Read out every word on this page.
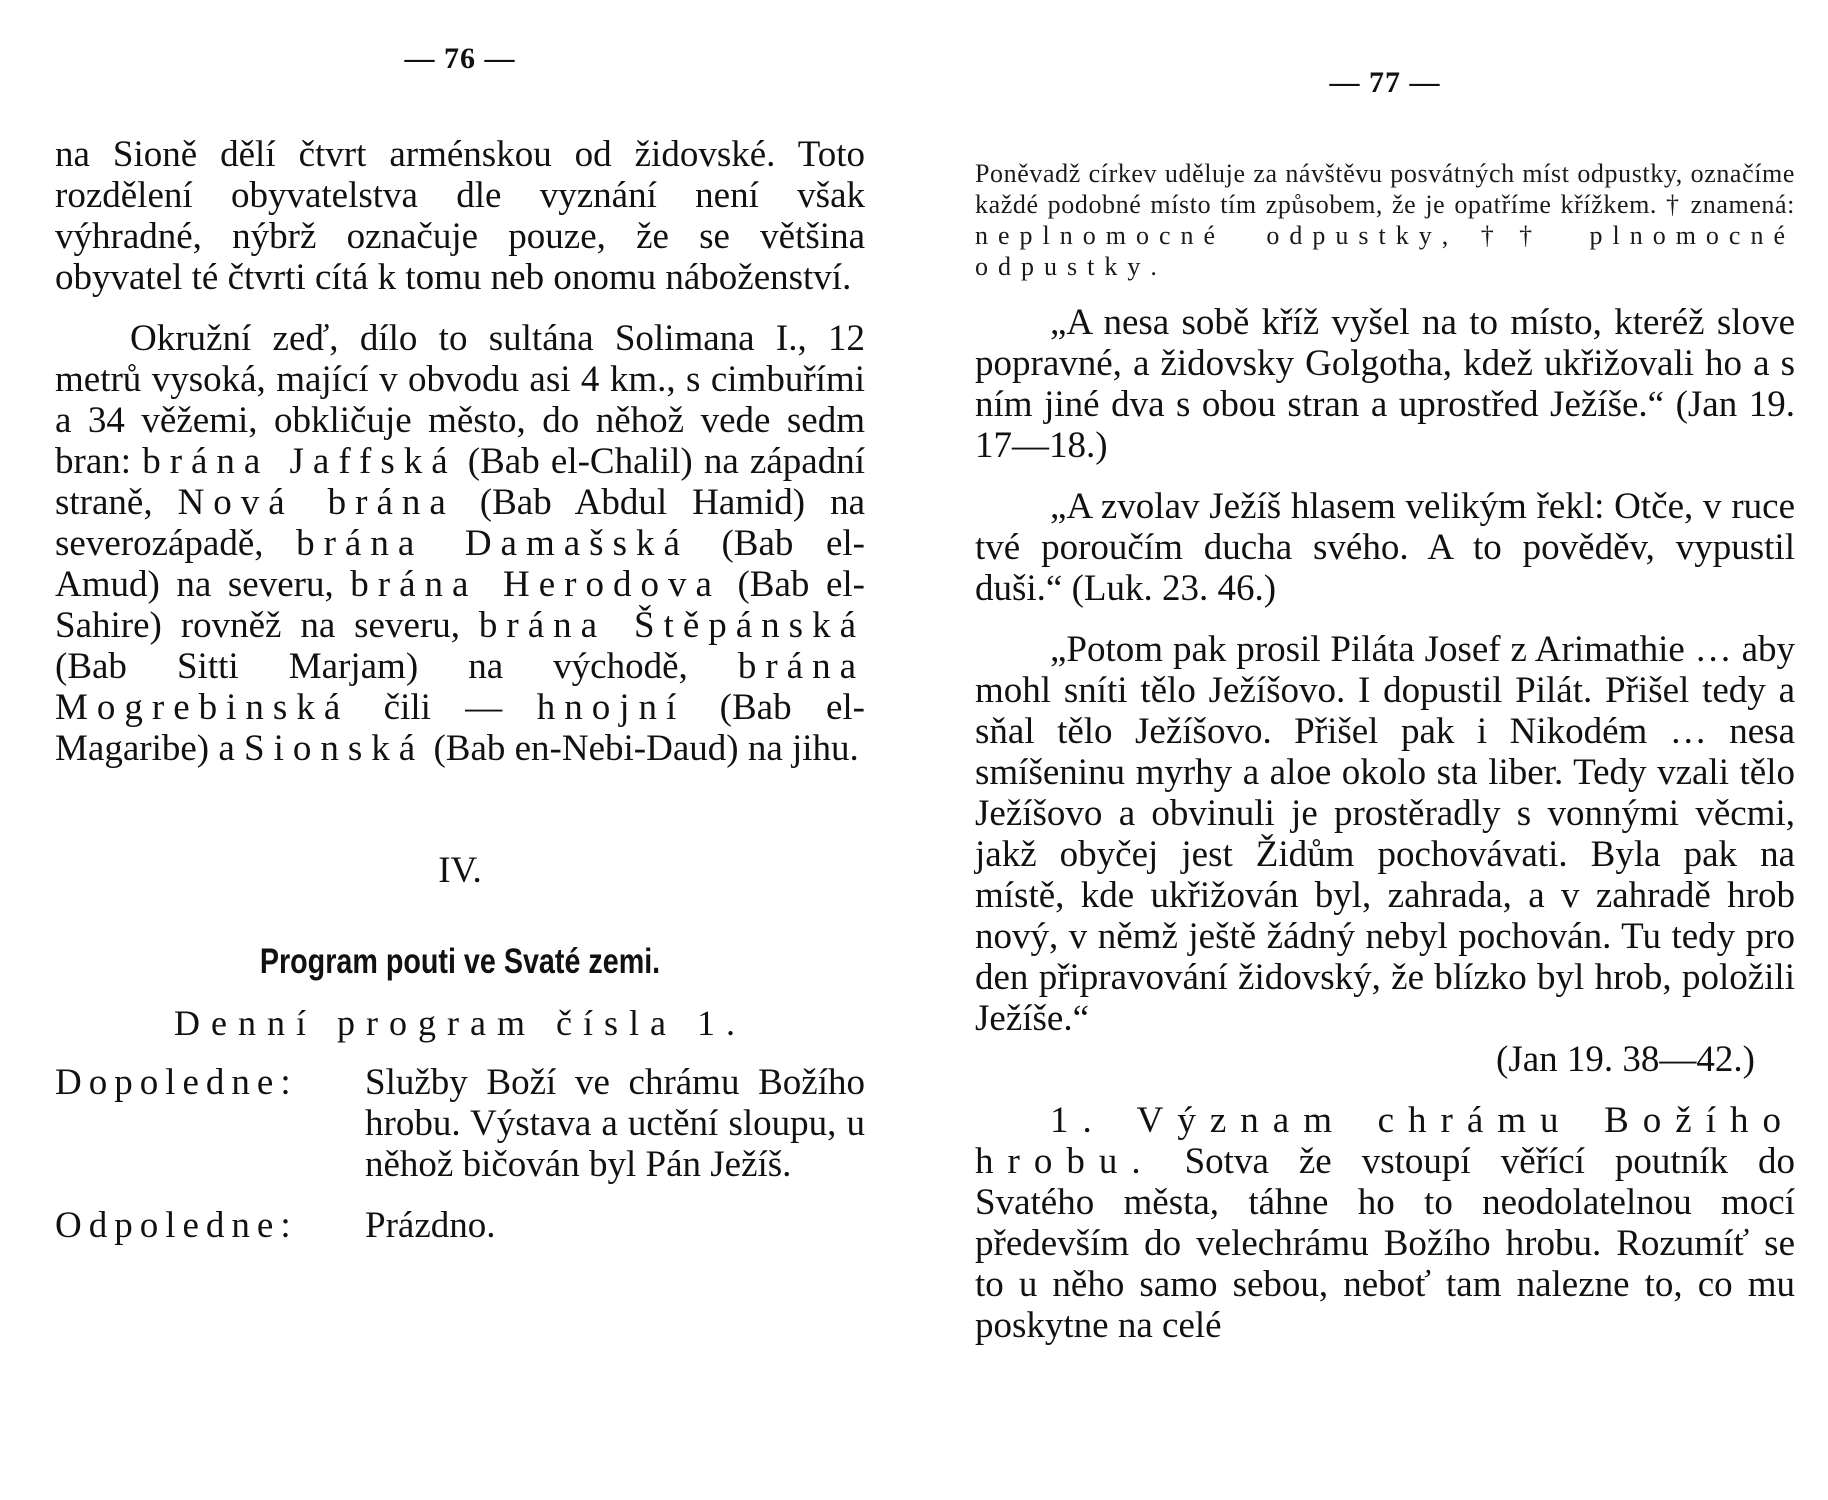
— 76 —

na Sioně dělí čtvrt arménskou od židovské. Toto rozdělení obyvatelstva dle vyznání není však výhradné, nýbrž označuje pouze, že se většina obyvatel té čtvrti cítá k tomu neb onomu náboženství.

Okružní zeď, dílo to sultána Solimana I., 12 metrů vysoká, mající v obvodu asi 4 km., s cimbuřími a 34 věžemi, obkličuje město, do něhož vede sedm bran: brána Jaffská (Bab el-Chalil) na západní straně, Nová brána (Bab Abdul Hamid) na severozápadě, brána Damašská (Bab el-Amud) na severu, brána Herodova (Bab el-Sahire) rovněž na severu, brána Štěpánská (Bab Sitti Marjam) na východě, brána Mogrebinská čili — hnojní (Bab el-Magaribe) a Sionská (Bab en-Nebi-Daud) na jihu.

IV.
Program pouti ve Svaté zemi.
Denní program čísla 1.
Dopoledne:	Služby Boží ve chrámu Božího hrobu. Výstava a uctění sloupu, u něhož bičován byl Pán Ježíš.
Odpoledne:	Prázdno.
— 77 —

Poněvadž církev uděluje za návštěvu posvátných míst odpustky, označíme každé podobné místo tím způsobem, že je opatříme křížkem. † znamená: neplnomocné odpustky, †† plnomocné odpustky.

„A nesa sobě kříž vyšel na to místo, kteréž slove popravné, a židovsky Golgotha, kdež ukřižovali ho a s ním jiné dva s obou stran a uprostřed Ježíše.“ (Jan 19. 17—18.)

„A zvolav Ježíš hlasem velikým řekl: Otče, v ruce tvé poroučím ducha svého. A to pověděv, vypustil duši.“ (Luk. 23. 46.)

„Potom pak prosil Piláta Josef z Arimathie … aby mohl sníti tělo Ježíšovo. I dopustil Pilát. Přišel tedy a sňal tělo Ježíšovo. Přišel pak i Nikodém … nesa smíšeninu myrhy a aloe okolo sta liber. Tedy vzali tělo Ježíšovo a obvinuli je prostěradly s vonnými věcmi, jakž obyčej jest Židům pochovávati. Byla pak na místě, kde ukřižován byl, zahrada, a v zahradě hrob nový, v němž ještě žádný nebyl pochován. Tu tedy pro den připravování židovský, že blízko byl hrob, položili Ježíše.“

(Jan 19. 38—42.)

1. Význam chrámu Božího hrobu. Sotva že vstoupí věřící poutník do Svatého města, táhne ho to neodolatelnou mocí především do velechrámu Božího hrobu. Rozumíť se to u něho samo sebou, neboť tam nalezne to, co mu poskytne na celé
